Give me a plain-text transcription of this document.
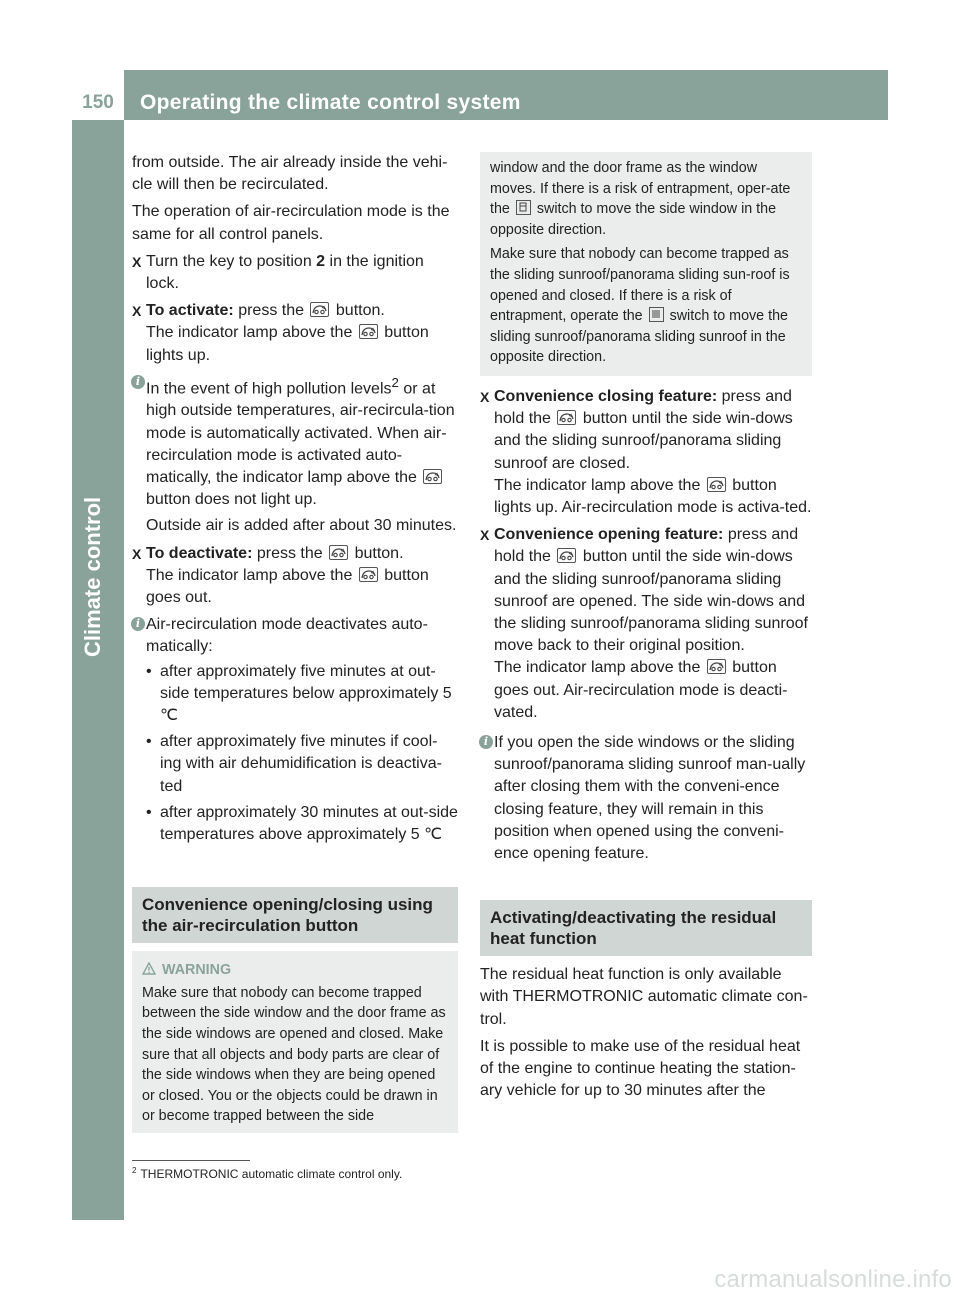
150	Operating the climate control system
Climate control

from outside. The air already inside the vehi-cle will then be recirculated.

The operation of air-recirculation mode is the same for all control panels.

X Turn the key to position 2 in the ignition lock.
X To activate: press the button.
The indicator lamp above the button lights up.
i In the event of high pollution levels$^2$ or at high outside temperatures, air-recircula-tion mode is automatically activated. When air-recirculation mode is activated auto-matically, the indicator lamp above the
button does not light up.
Outside air is added after about 30 minutes.
X To deactivate: press the button.
The indicator lamp above the button goes out.
i Air-recirculation mode deactivates auto-matically:
• after approximately five minutes at out-side temperatures below approximately 5 ℃
• after approximately five minutes if cool-ing with air dehumidification is deactiva-ted
• after approximately 30 minutes at out-side temperatures above approximately 5 ℃
Convenience opening/closing using the air-recirculation button
WARNING
Make sure that nobody can become trapped between the side window and the door frame as the side windows are opened and closed. Make sure that all objects and body parts are clear of the side windows when they are being opened or closed. You or the objects could be drawn in or become trapped between the side
window and the door frame as the window moves. If there is a risk of entrapment, oper-ate the switch to move the side window in the opposite direction.
Make sure that nobody can become trapped as the sliding sunroof/panorama sliding sun-roof is opened and closed. If there is a risk of entrapment, operate the switch to move the sliding sunroof/panorama sliding sunroof in the opposite direction.
X Convenience closing feature: press and hold the button until the side win-dows and the sliding sunroof/panorama sliding sunroof are closed.
The indicator lamp above the button lights up. Air-recirculation mode is activa-ted.
X Convenience opening feature: press and hold the button until the side win-dows and the sliding sunroof/panorama sliding sunroof are opened. The side win-dows and the sliding sunroof/panorama sliding sunroof move back to their original position.
The indicator lamp above the button goes out. Air-recirculation mode is deacti-vated.
i If you open the side windows or the sliding sunroof/panorama sliding sunroof man-ually after closing them with the conveni-ence closing feature, they will remain in this position when opened using the conveni-ence opening feature.
Activating/deactivating the residual heat function

The residual heat function is only available with THERMOTRONIC automatic climate con-trol.

It is possible to make use of the residual heat of the engine to continue heating the station-ary vehicle for up to 30 minutes after the

$^2$ THERMOTRONIC automatic climate control only.
carmanualsonline.info
